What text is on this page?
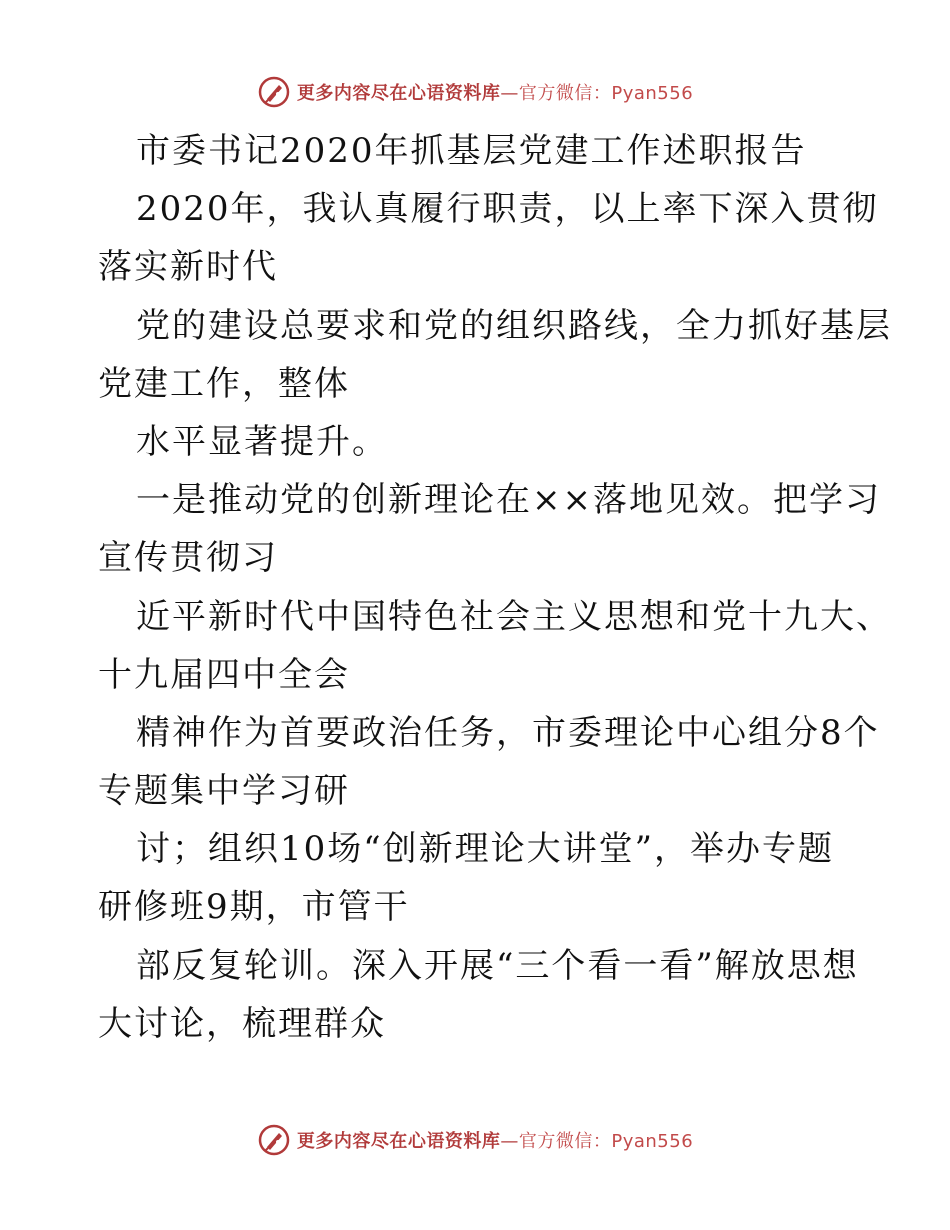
更多内容尽在心语资料库—官方微信：Pyan556
市委书记2020年抓基层党建工作述职报告
2020年，我认真履行职责，以上率下深入贯彻
落实新时代
党的建设总要求和党的组织路线，全力抓好基层
党建工作，整体
水平显著提升。
一是推动党的创新理论在××落地见效。把学习
宣传贯彻习
近平新时代中国特色社会主义思想和党十九大、
十九届四中全会
精神作为首要政治任务，市委理论中心组分8个
专题集中学习研
讨；组织10场“创新理论大讲堂”，举办专题
研修班9期，市管干
部反复轮训。深入开展“三个看一看”解放思想
大讨论，梳理群众
更多内容尽在心语资料库—官方微信：Pyan556
